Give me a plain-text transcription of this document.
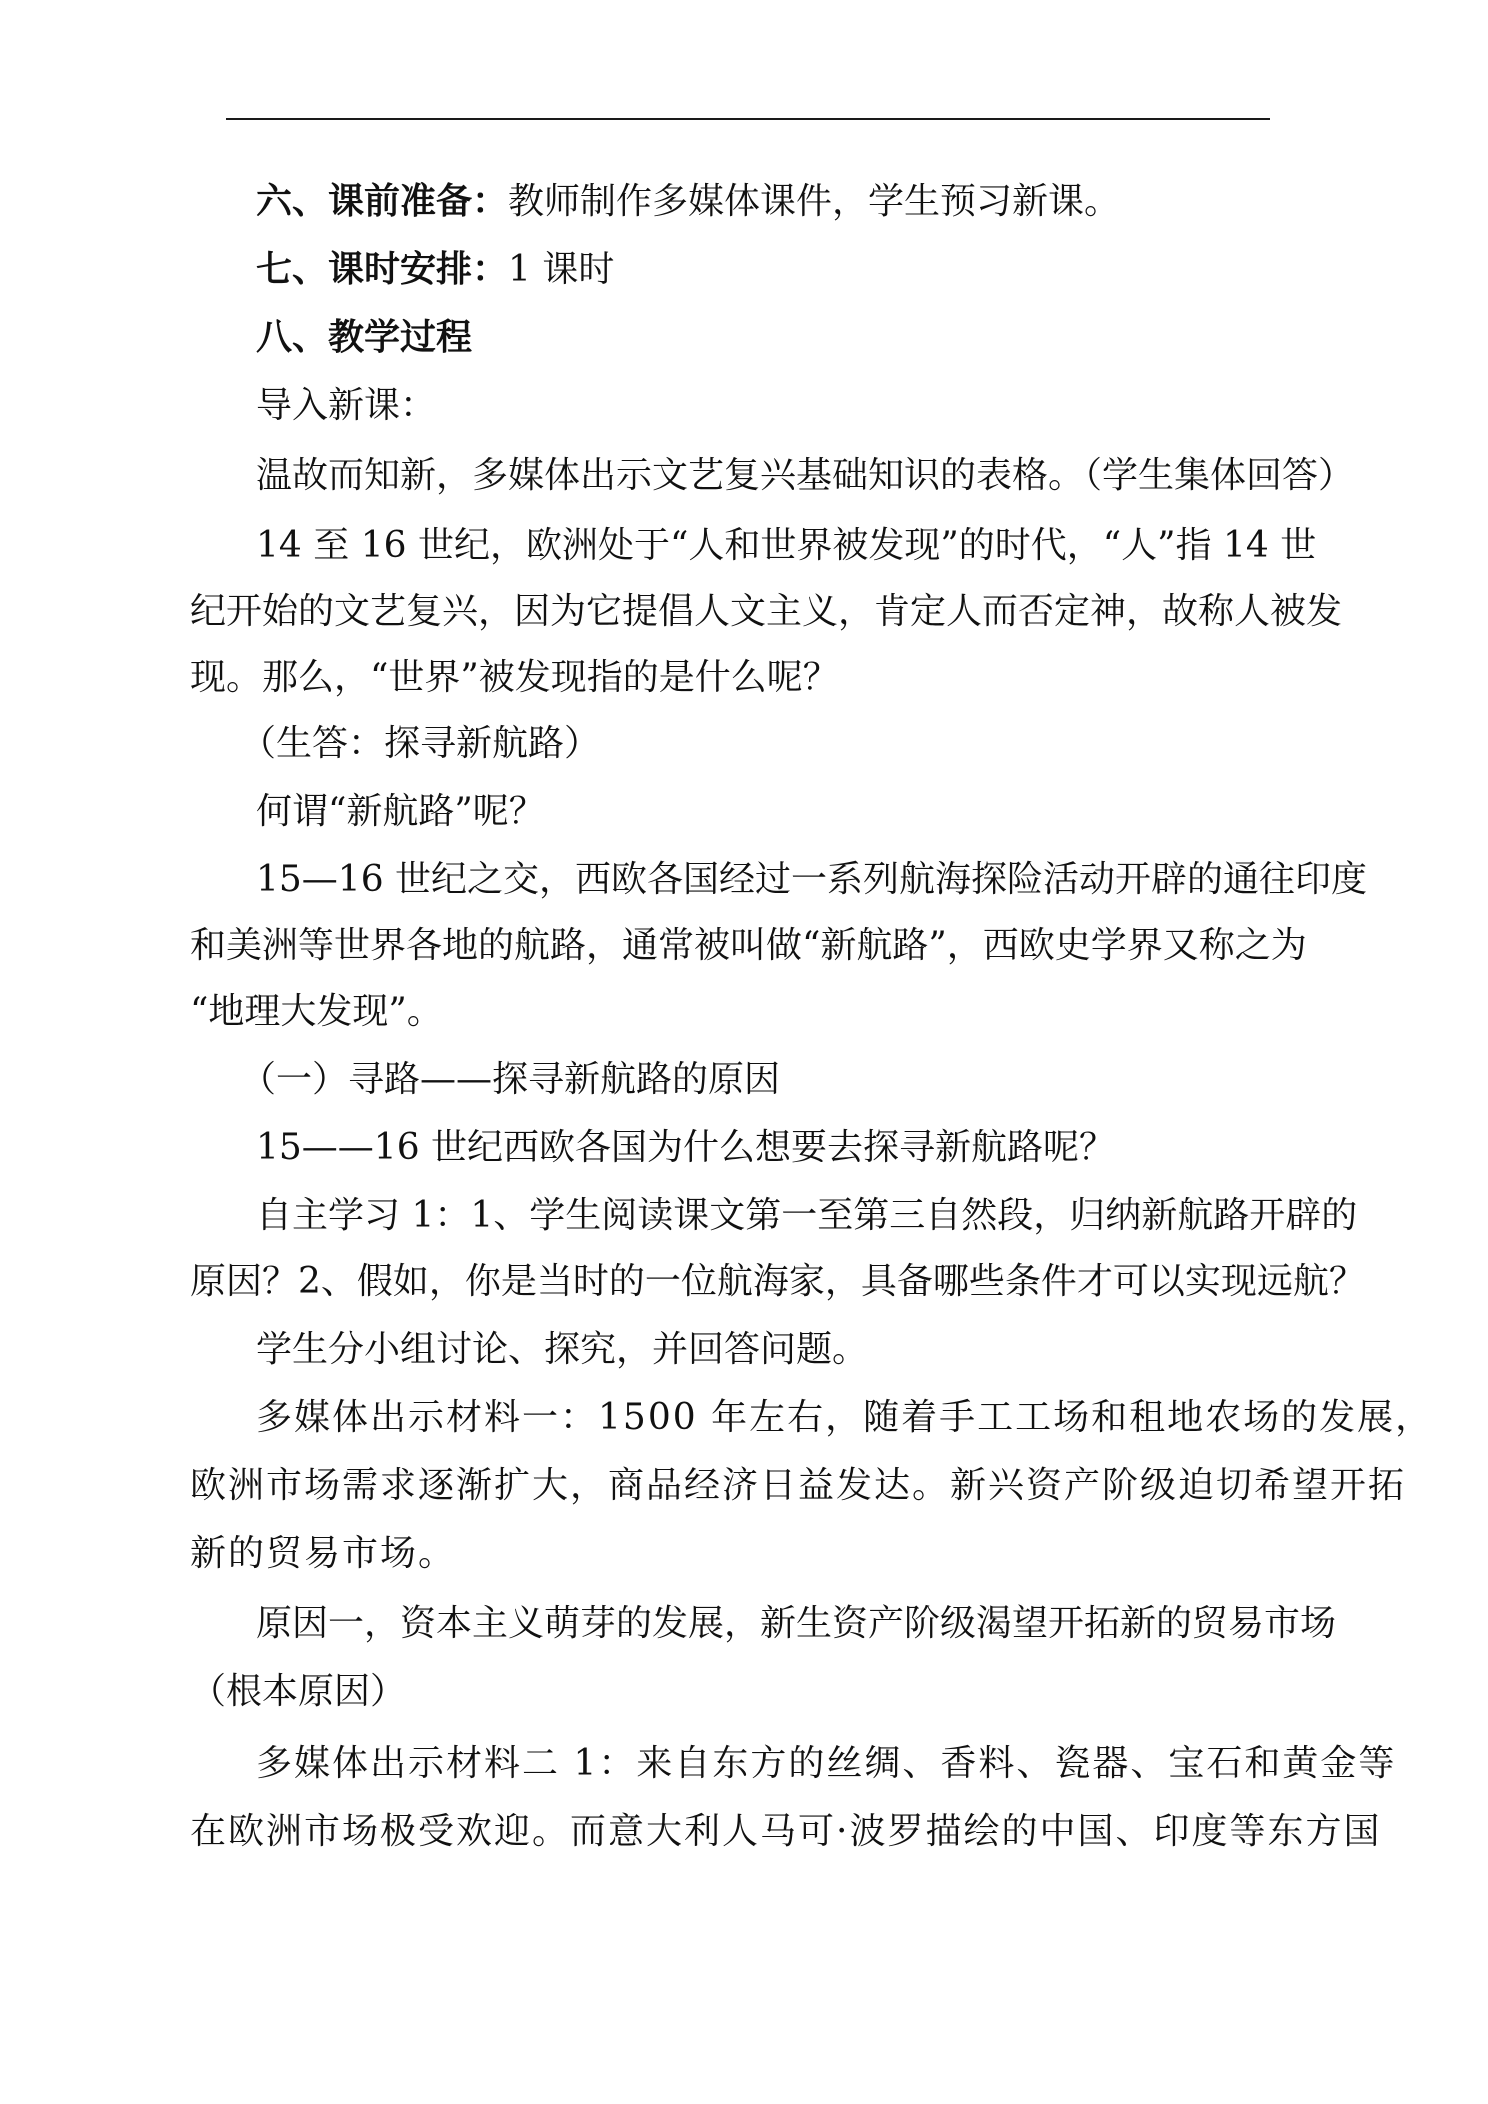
六、课前准备：教师制作多媒体课件，学生预习新课。
七、课时安排：1 课时
八、教学过程
导入新课：
温故而知新，多媒体出示文艺复兴基础知识的表格。（学生集体回答）
14 至 16 世纪，欧洲处于“人和世界被发现”的时代，“人”指 14 世
纪开始的文艺复兴，因为它提倡人文主义，肯定人而否定神，故称人被发
现。那么，“世界”被发现指的是什么呢？
（生答：探寻新航路）
何谓“新航路”呢？
15—16 世纪之交，西欧各国经过一系列航海探险活动开辟的通往印度
和美洲等世界各地的航路，通常被叫做“新航路”，西欧史学界又称之为
“地理大发现”。
（一）寻路——探寻新航路的原因
15——16 世纪西欧各国为什么想要去探寻新航路呢？
自主学习 1：1、学生阅读课文第一至第三自然段，归纳新航路开辟的
原因？2、假如，你是当时的一位航海家，具备哪些条件才可以实现远航？
学生分小组讨论、探究，并回答问题。
多媒体出示材料一：1500 年左右，随着手工工场和租地农场的发展，
欧洲市场需求逐渐扩大，商品经济日益发达。新兴资产阶级迫切希望开拓
新的贸易市场。
原因一，资本主义萌芽的发展，新生资产阶级渴望开拓新的贸易市场
（根本原因）
多媒体出示材料二 1：来自东方的丝绸、香料、瓷器、宝石和黄金等
在欧洲市场极受欢迎。而意大利人马可·波罗描绘的中国、印度等东方国
